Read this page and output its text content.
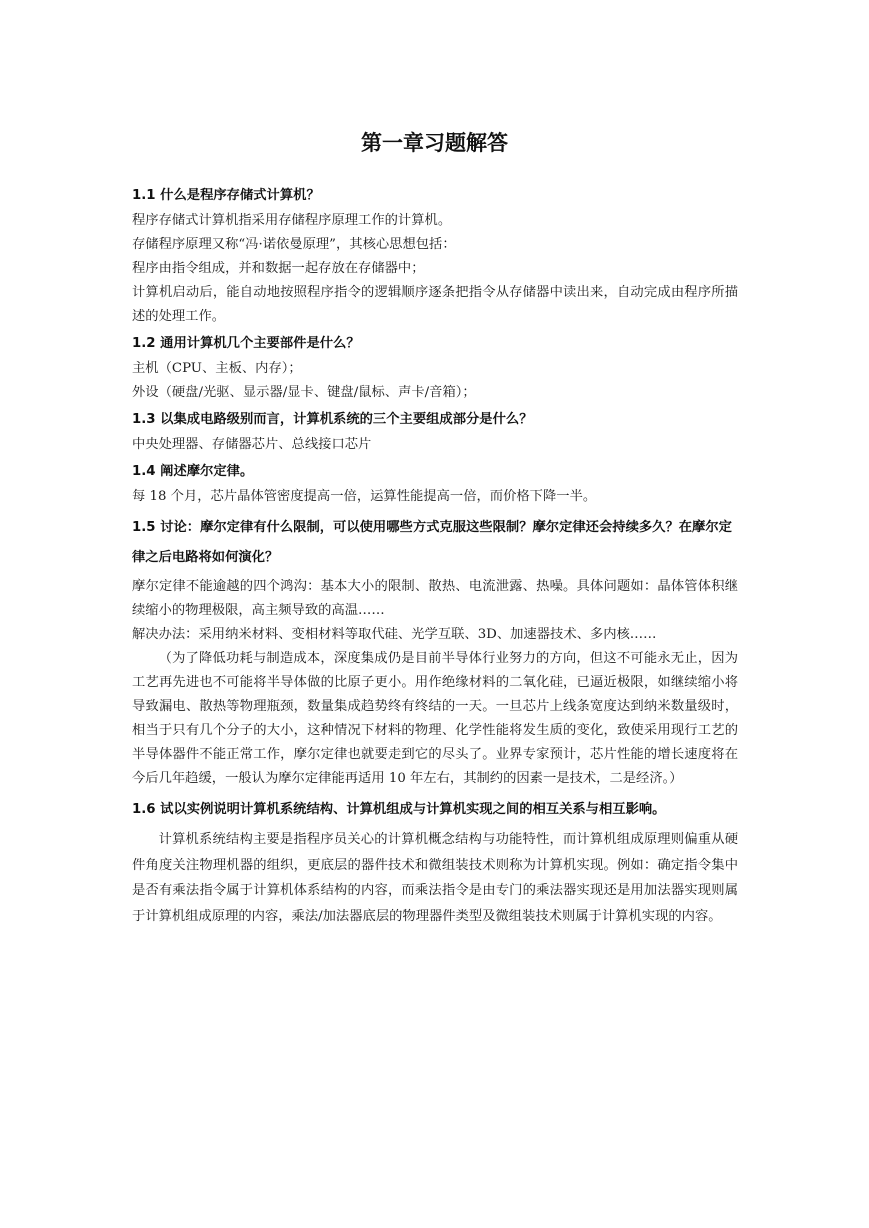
第一章习题解答
1.1 什么是程序存储式计算机？

程序存储式计算机指采用存储程序原理工作的计算机。

存储程序原理又称“冯·诺依曼原理”，其核心思想包括：

程序由指令组成，并和数据一起存放在存储器中；

计算机启动后，能自动地按照程序指令的逻辑顺序逐条把指令从存储器中读出来，自动完成由程序所描述的处理工作。

1.2 通用计算机几个主要部件是什么？

主机（CPU、主板、内存）；

外设（硬盘/光驱、显示器/显卡、键盘/鼠标、声卡/音箱）；

1.3 以集成电路级别而言，计算机系统的三个主要组成部分是什么？

中央处理器、存储器芯片、总线接口芯片

1.4 阐述摩尔定律。

每 18 个月，芯片晶体管密度提高一倍，运算性能提高一倍，而价格下降一半。

1.5 讨论：摩尔定律有什么限制，可以使用哪些方式克服这些限制？摩尔定律还会持续多久？在摩尔定律之后电路将如何演化？

摩尔定律不能逾越的四个鸿沟：基本大小的限制、散热、电流泄露、热噪。具体问题如：晶体管体积继续缩小的物理极限，高主频导致的高温……

解决办法：采用纳米材料、变相材料等取代硅、光学互联、3D、加速器技术、多内核……

（为了降低功耗与制造成本，深度集成仍是目前半导体行业努力的方向，但这不可能永无止，因为工艺再先进也不可能将半导体做的比原子更小。用作绝缘材料的二氧化硅，已逼近极限，如继续缩小将导致漏电、散热等物理瓶颈，数量集成趋势终有终结的一天。一旦芯片上线条宽度达到纳米数量级时，相当于只有几个分子的大小，这种情况下材料的物理、化学性能将发生质的变化，致使采用现行工艺的半导体器件不能正常工作，摩尔定律也就要走到它的尽头了。业界专家预计，芯片性能的增长速度将在今后几年趋缓，一般认为摩尔定律能再适用 10 年左右，其制约的因素一是技术，二是经济。）

1.6 试以实例说明计算机系统结构、计算机组成与计算机实现之间的相互关系与相互影响。

计算机系统结构主要是指程序员关心的计算机概念结构与功能特性，而计算机组成原理则偏重从硬件角度关注物理机器的组织，更底层的器件技术和微组装技术则称为计算机实现。例如：确定指令集中是否有乘法指令属于计算机体系结构的内容，而乘法指令是由专门的乘法器实现还是用加法器实现则属于计算机组成原理的内容，乘法/加法器底层的物理器件类型及微组装技术则属于计算机实现的内容。
